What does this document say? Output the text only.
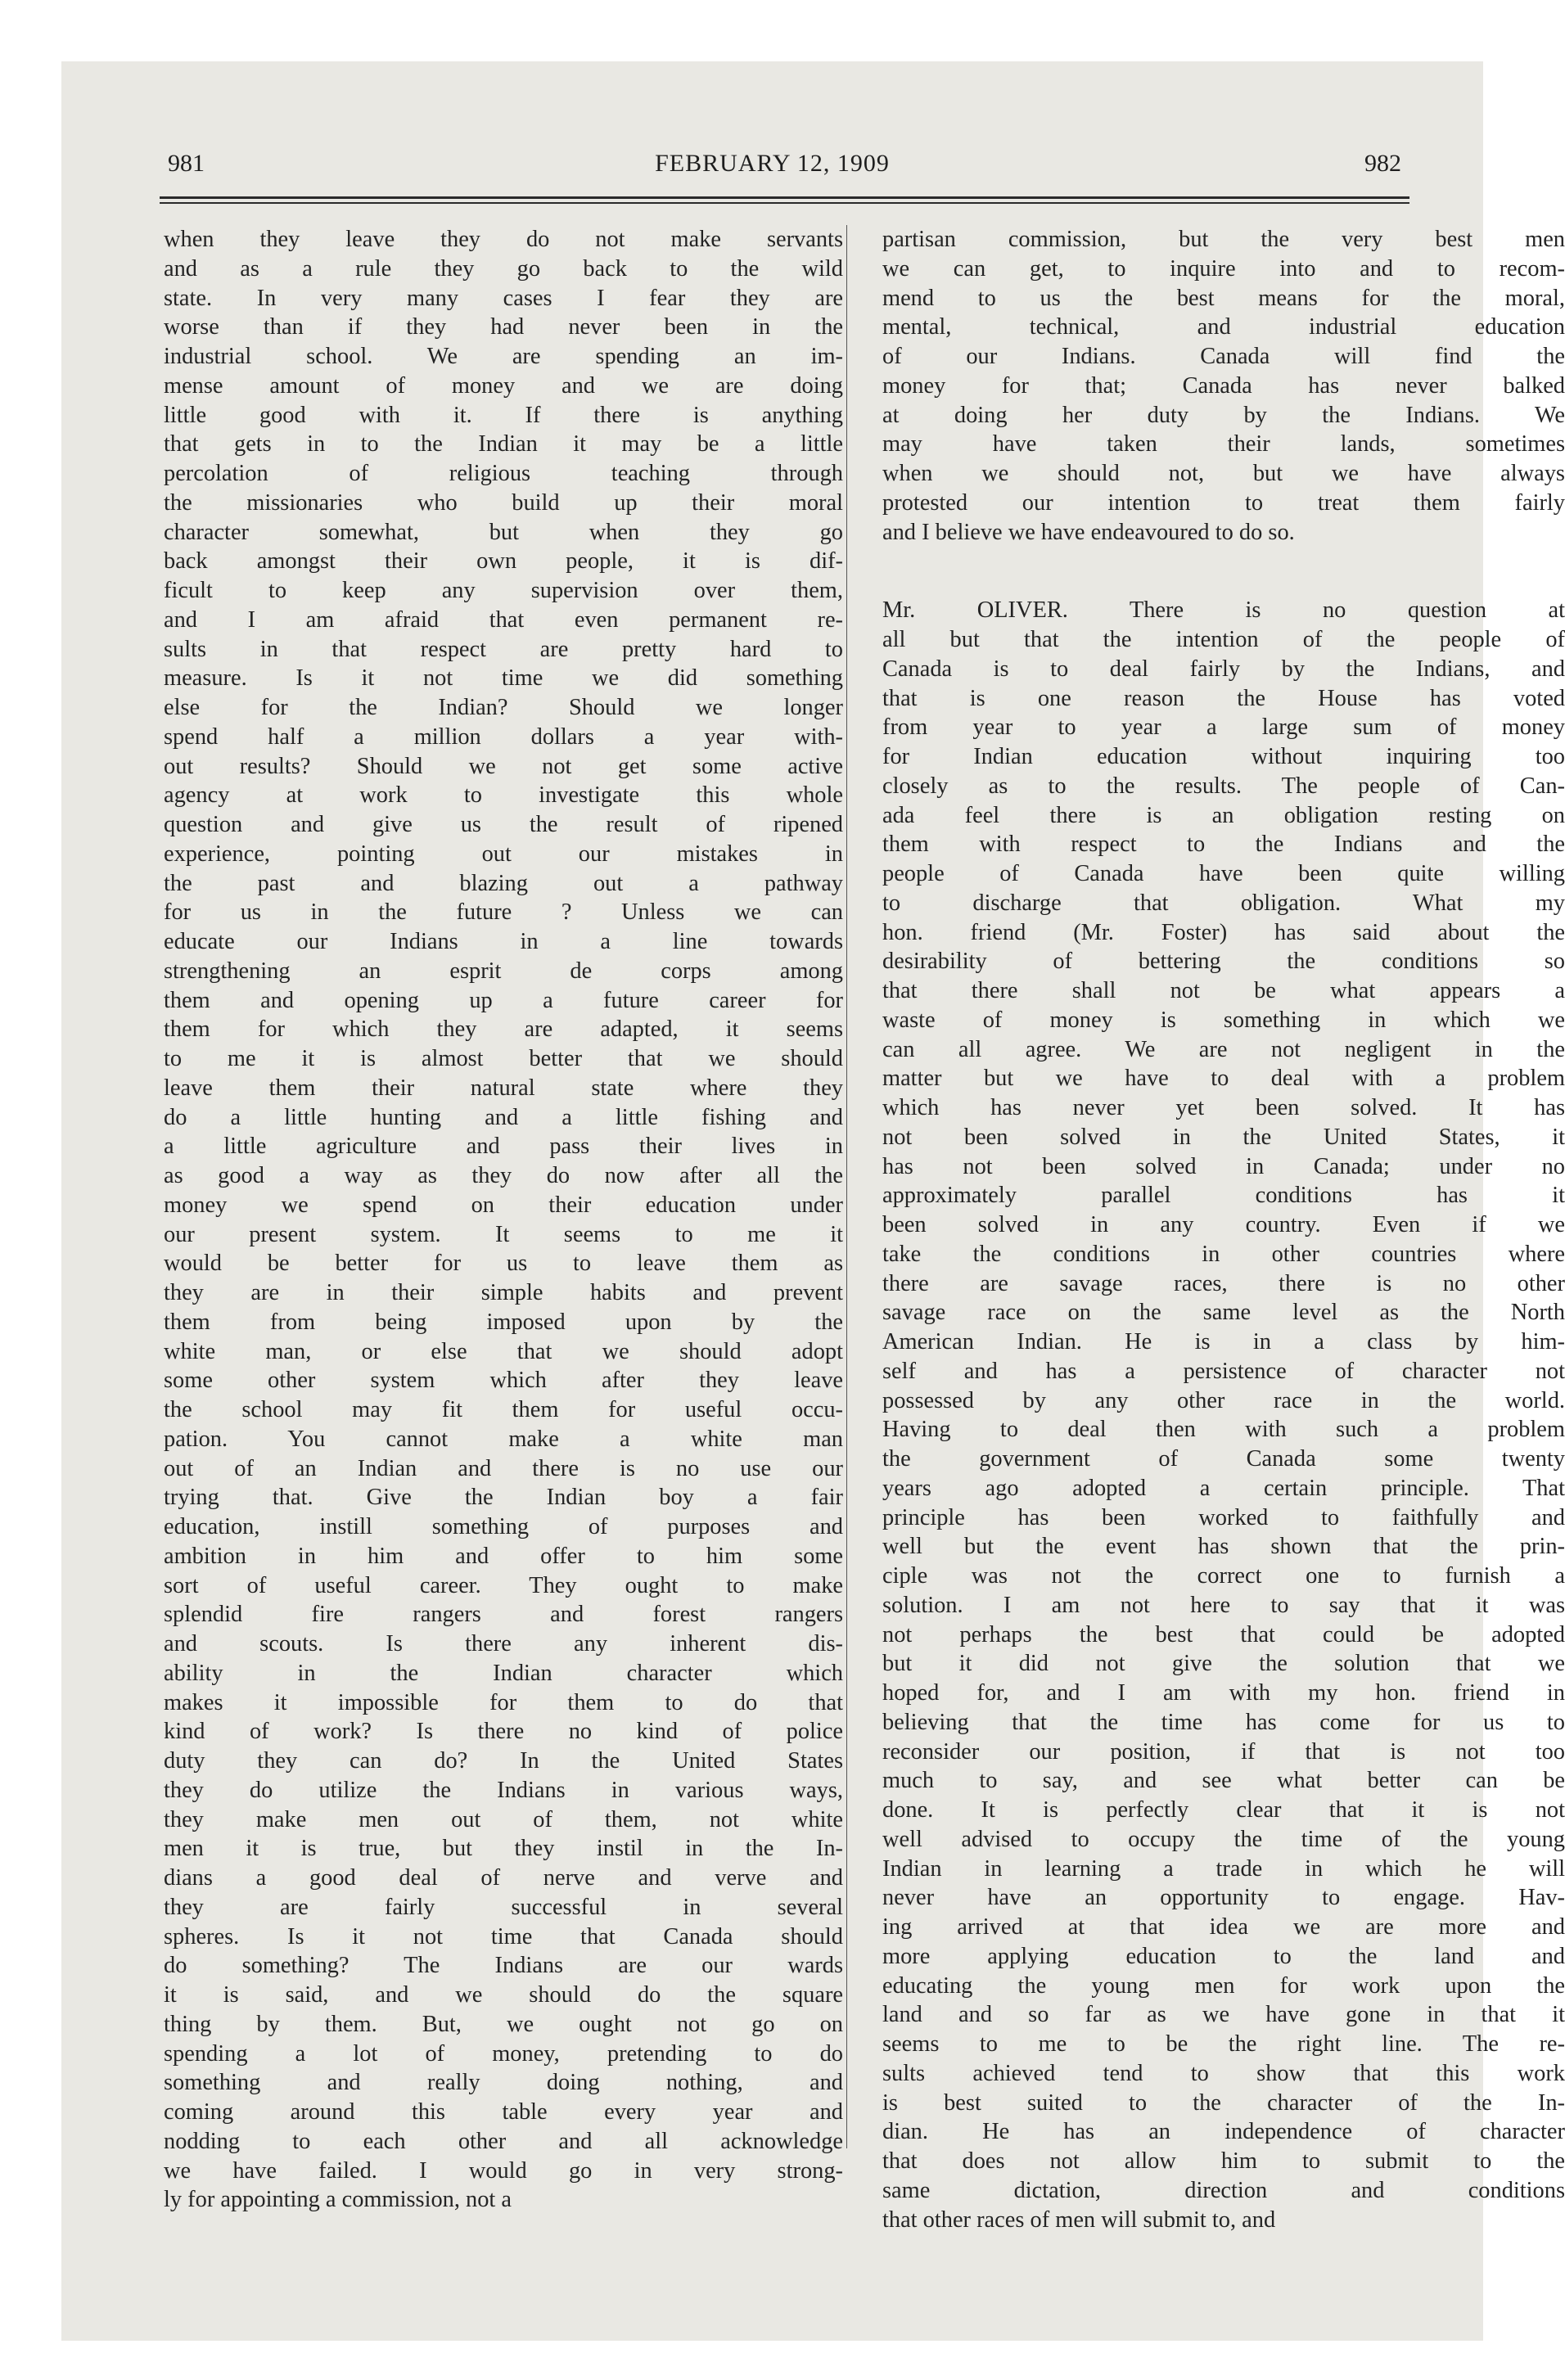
981	FEBRUARY 12, 1909	982
when they leave they do not make servants
and as a rule they go back to the wild
state. In very many cases I fear they are
worse than if they had never been in the
industrial school. We are spending an im-
mense amount of money and we are doing
little good with it. If there is anything
that gets in to the Indian it may be a little
percolation of religious teaching through
the missionaries who build up their moral
character somewhat, but when they go
back amongst their own people, it is dif-
ficult to keep any supervision over them,
and I am afraid that even permanent re-
sults in that respect are pretty hard to
measure. Is it not time we did something
else for the Indian? Should we longer
spend half a million dollars a year with-
out results? Should we not get some active
agency at work to investigate this whole
question and give us the result of ripened
experience, pointing out our mistakes in
the past and blazing out a pathway
for us in the future ? Unless we can
educate our Indians in a line towards
strengthening an esprit de corps among
them and opening up a future career for
them for which they are adapted, it seems
to me it is almost better that we should
leave them their natural state where they
do a little hunting and a little fishing and
a little agriculture and pass their lives in
as good a way as they do now after all the
money we spend on their education under
our present system. It seems to me it
would be better for us to leave them as
they are in their simple habits and prevent
them from being imposed upon by the
white man, or else that we should adopt
some other system which after they leave
the school may fit them for useful occu-
pation. You cannot make a white man
out of an Indian and there is no use our
trying that. Give the Indian boy a fair
education, instill something of purposes and
ambition in him and offer to him some
sort of useful career. They ought to make
splendid fire rangers and forest rangers
and scouts. Is there any inherent dis-
ability in the Indian character which
makes it impossible for them to do that
kind of work? Is there no kind of police
duty they can do? In the United States
they do utilize the Indians in various ways,
they make men out of them, not white
men it is true, but they instil in the In-
dians a good deal of nerve and verve and
they are fairly successful in several
spheres. Is it not time that Canada should
do something? The Indians are our wards
it is said, and we should do the square
thing by them. But, we ought not go on
spending a lot of money, pretending to do
something and really doing nothing, and
coming around this table every year and
nodding to each other and all acknowledge
we have failed. I would go in very strong-
ly for appointing a commission, not a
partisan commission, but the very best men
we can get, to inquire into and to recom-
mend to us the best means for the moral,
mental, technical, and industrial education
of our Indians. Canada will find the
money for that; Canada has never balked
at doing her duty by the Indians. We
may have taken their lands, sometimes
when we should not, but we have always
protested our intention to treat them fairly
and I believe we have endeavoured to do so.
Mr. OLIVER. There is no question at
all but that the intention of the people of
Canada is to deal fairly by the Indians, and
that is one reason the House has voted
from year to year a large sum of money
for Indian education without inquiring too
closely as to the results. The people of Can-
ada feel there is an obligation resting on
them with respect to the Indians and the
people of Canada have been quite willing
to discharge that obligation. What my
hon. friend (Mr. Foster) has said about the
desirability of bettering the conditions so
that there shall not be what appears a
waste of money is something in which we
can all agree. We are not negligent in the
matter but we have to deal with a problem
which has never yet been solved. It has
not been solved in the United States, it
has not been solved in Canada; under no
approximately parallel conditions has it
been solved in any country. Even if we
take the conditions in other countries where
there are savage races, there is no other
savage race on the same level as the North
American Indian. He is in a class by him-
self and has a persistence of character not
possessed by any other race in the world.
Having to deal then with such a problem
the government of Canada some twenty
years ago adopted a certain principle. That
principle has been worked to faithfully and
well but the event has shown that the prin-
ciple was not the correct one to furnish a
solution. I am not here to say that it was
not perhaps the best that could be adopted
but it did not give the solution that we
hoped for, and I am with my hon. friend in
believing that the time has come for us to
reconsider our position, if that is not too
much to say, and see what better can be
done. It is perfectly clear that it is not
well advised to occupy the time of the young
Indian in learning a trade in which he will
never have an opportunity to engage. Hav-
ing arrived at that idea we are more and
more applying education to the land and
educating the young men for work upon the
land and so far as we have gone in that it
seems to me to be the right line. The re-
sults achieved tend to show that this work
is best suited to the character of the In-
dian. He has an independence of character
that does not allow him to submit to the
same dictation, direction and conditions
that other races of men will submit to, and
